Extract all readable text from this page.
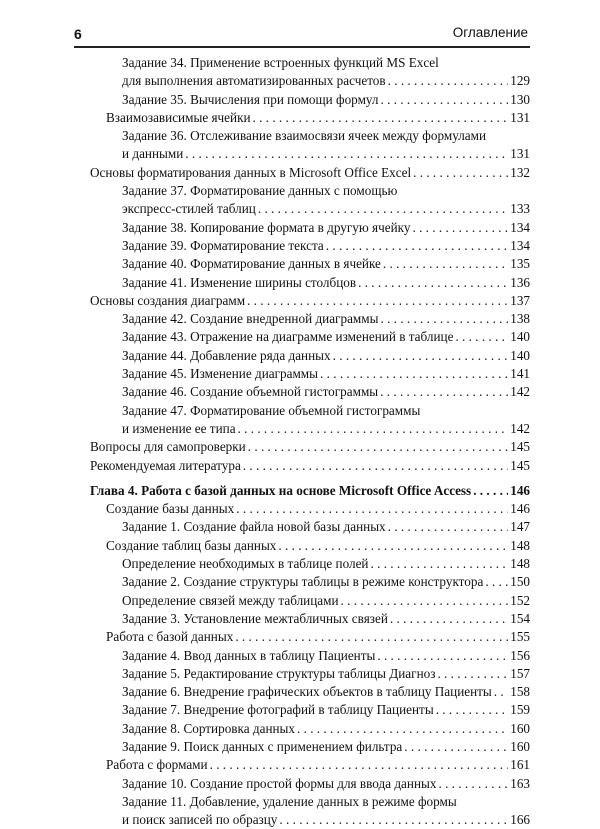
6	Оглавление
Задание 34. Применение встроенных функций MS Excel
для выполнения автоматизированных расчетов . . .	129
Задание 35. Вычисления при помощи формул . . .	130
Взаимозависимые ячейки . . .	131
Задание 36. Отслеживание взаимосвязи ячеек между формулами
и данными . . .	131
Основы форматирования данных в Microsoft Office Excel . . .	132
Задание 37. Форматирование данных с помощью
экспресс-стилей таблиц . . .	133
Задание 38. Копирование формата в другую ячейку . . .	134
Задание 39. Форматирование текста . . .	134
Задание 40. Форматирование данных в ячейке . . .	135
Задание 41. Изменение ширины столбцов . . .	136
Основы создания диаграмм . . .	137
Задание 42. Создание внедренной диаграммы . . .	138
Задание 43. Отражение на диаграмме изменений в таблице . . .	140
Задание 44. Добавление ряда данных . . .	140
Задание 45. Изменение диаграммы . . .	141
Задание 46. Создание объемной гистограммы . . .	142
Задание 47. Форматирование объемной гистограммы
и изменение ее типа . . .	142
Вопросы для самопроверки . . .	145
Рекомендуемая литература . . .	145
Глава 4. Работа с базой данных на основе Microsoft Office Access . . .	146
Создание базы данных . . .	146
Задание 1. Создание файла новой базы данных . . .	147
Создание таблиц базы данных . . .	148
Определение необходимых в таблице полей . . .	148
Задание 2. Создание структуры таблицы в режиме конструктора . . . 150
Определение связей между таблицами . . .	152
Задание 3. Установление межтабличных связей . . .	154
Работа с базой данных . . .	155
Задание 4. Ввод данных в таблицу Пациенты . . .	156
Задание 5. Редактирование структуры таблицы Диагноз . . .	157
Задание 6. Внедрение графических объектов в таблицу Пациенты . . . 158
Задание 7. Внедрение фотографий в таблицу Пациенты . . .	159
Задание 8. Сортировка данных . . .	160
Задание 9. Поиск данных с применением фильтра . . .	160
Работа с формами . . .	161
Задание 10. Создание простой формы для ввода данных . . .	163
Задание 11. Добавление, удаление данных в режиме формы
и поиск записей по образцу . . .	166
